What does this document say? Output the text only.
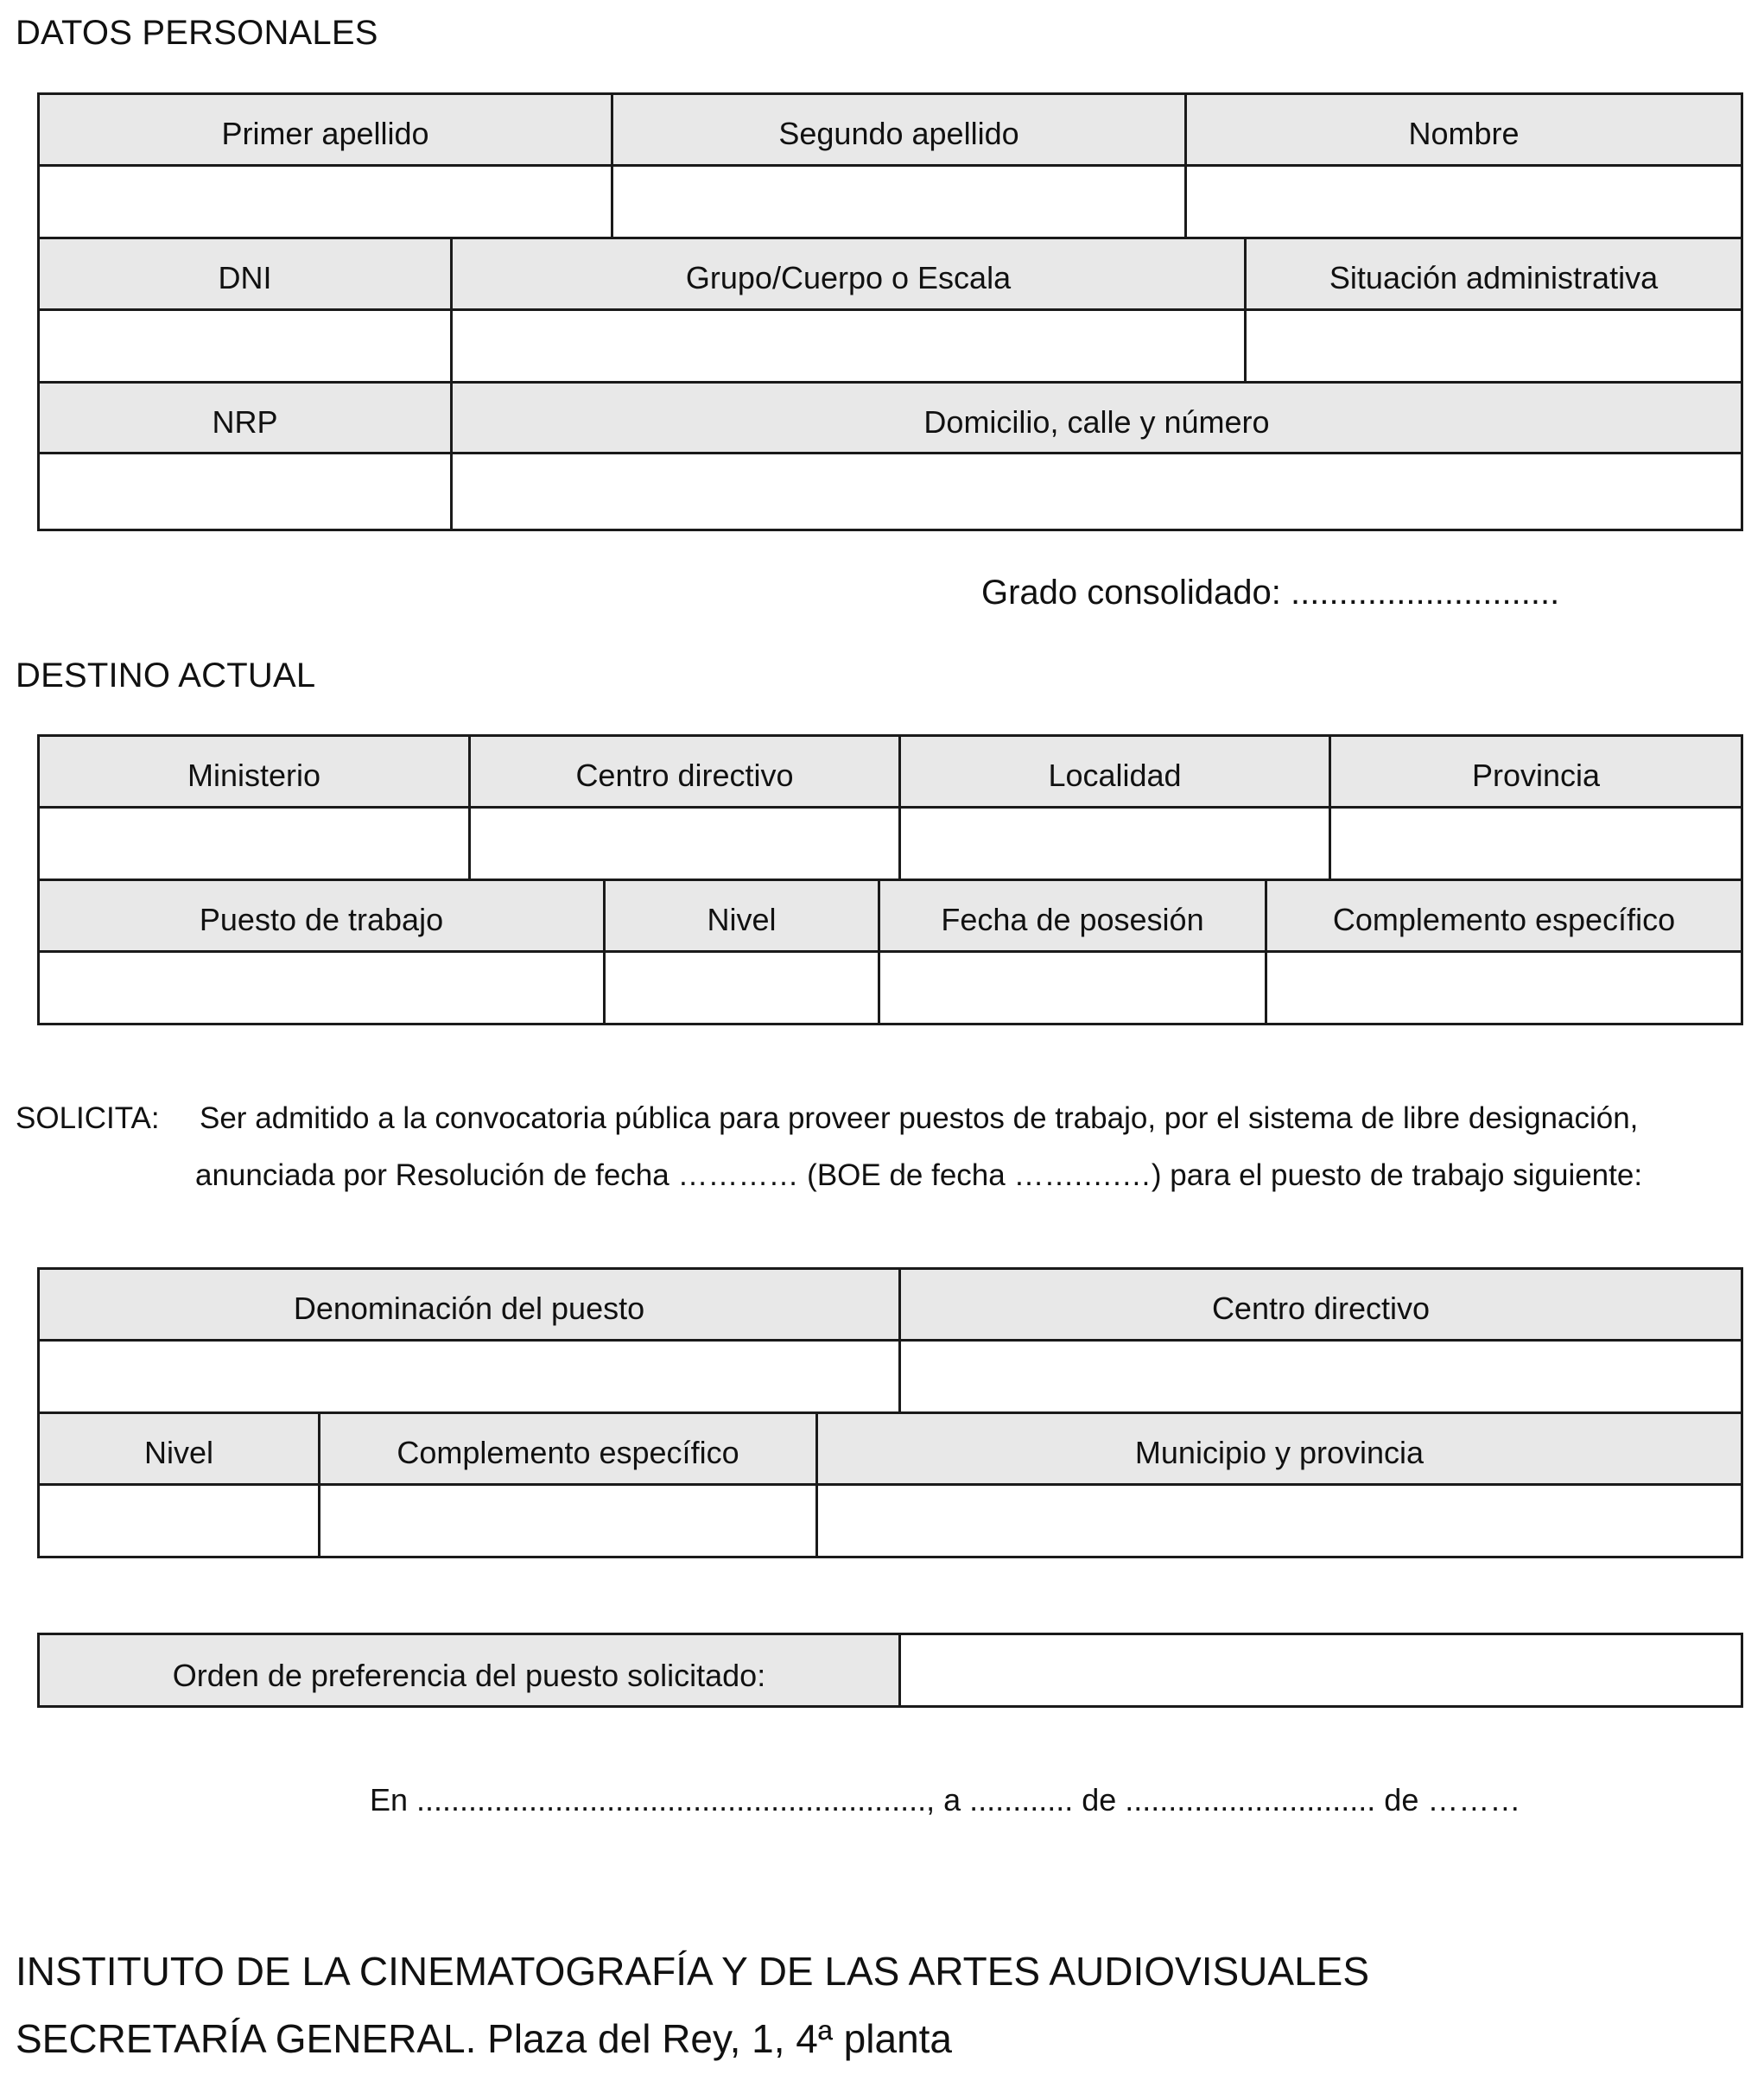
DATOS PERSONALES
Primer apellido	Segundo apellido	Nombre

DNI	Grupo/Cuerpo o Escala	Situación administrativa

NRP	Domicilio, calle y número

Grado consolidado: ............................
DESTINO ACTUAL
Ministerio	Centro directivo	Localidad	Provincia

Puesto de trabajo	Nivel	Fecha de posesión	Complemento específico

SOLICITA: Ser admitido a la convocatoria pública para proveer puestos de trabajo, por el sistema de libre designación,
anunciada por Resolución de fecha ………… (BOE de fecha …….….…) para el puesto de trabajo siguiente:
Denominación del puesto	Centro directivo

Nivel	Complemento específico	Municipio y provincia

Orden de preferencia del puesto solicitado:	
En ..........................................................., a ............ de ............................. de ………
INSTITUTO DE LA CINEMATOGRAFÍA Y DE LAS ARTES AUDIOVISUALES
SECRETARÍA GENERAL. Plaza del Rey, 1, 4ª planta
